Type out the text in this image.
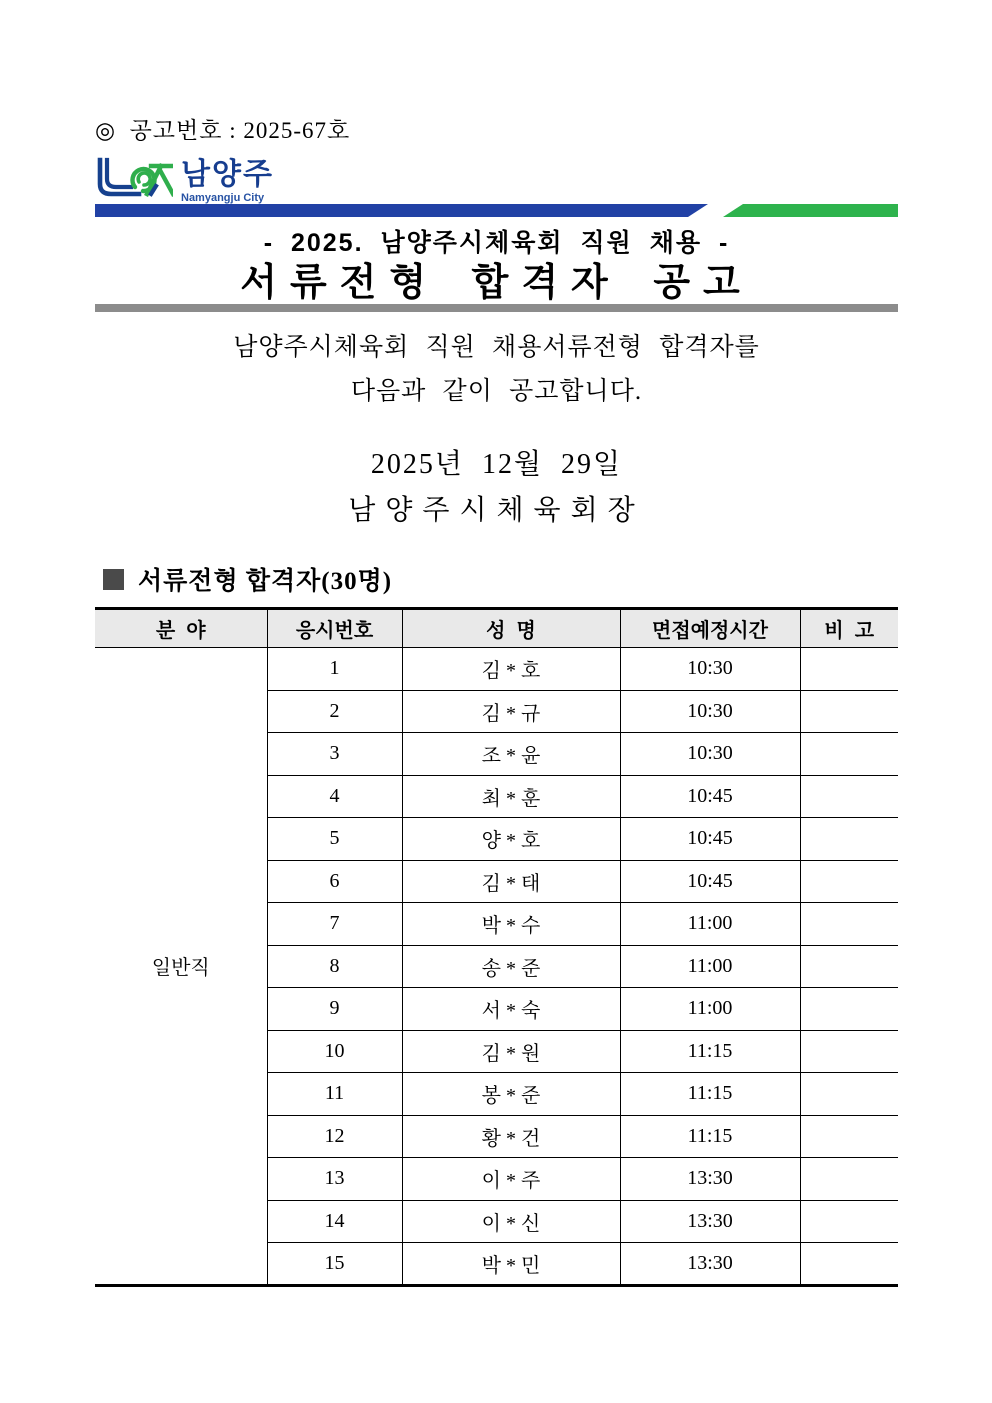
◎  공고번호 : 2025-67호
남양주
Namyangju City
- 2025. 남양주시체육회 직원 채용 -
서류전형 합격자 공고
남양주시체육회 직원 채용서류전형 합격자를
다음과 같이 공고합니다.
2025년  12월  29일
남양주시체육회장
서류전형 합격자(30명)
분  야	응시번호	성  명	면접예정시간	비  고
일반직	1	김 * 호	10:30	
	2	김 * 규	10:30	
	3	조 * 윤	10:30	
	4	최 * 훈	10:45	
	5	양 * 호	10:45	
	6	김 * 태	10:45	
	7	박 * 수	11:00	
	8	송 * 준	11:00	
	9	서 * 숙	11:00	
	10	김 * 원	11:15	
	11	봉 * 준	11:15	
	12	황 * 건	11:15	
	13	이 * 주	13:30	
	14	이 * 신	13:30	
	15	박 * 민	13:30	
